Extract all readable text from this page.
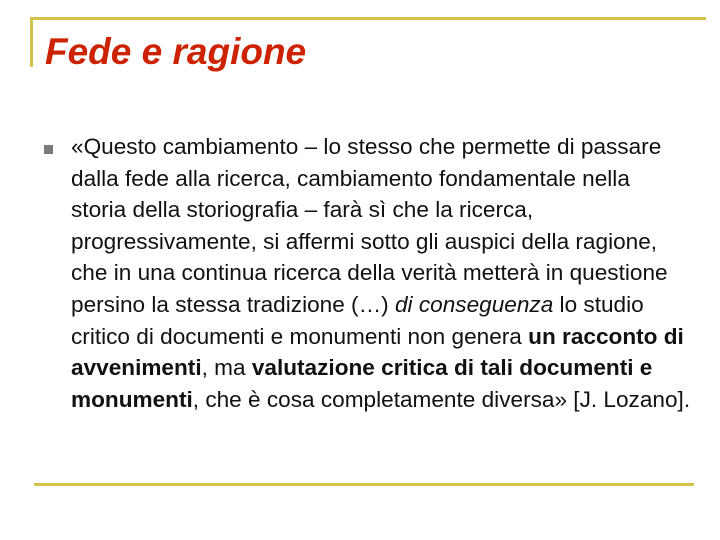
Fede e ragione

«Questo cambiamento – lo stesso che permette di passare dalla fede alla ricerca, cambiamento fondamentale nella storia della storiografia – farà sì che la ricerca, progressivamente, si affermi sotto gli auspici della ragione, che in una continua ricerca della verità metterà in questione persino la stessa tradizione (…) di conseguenza lo studio critico di documenti e monumenti non genera un racconto di avvenimenti, ma valutazione critica di tali documenti e monumenti, che è cosa completamente diversa» [J. Lozano].
